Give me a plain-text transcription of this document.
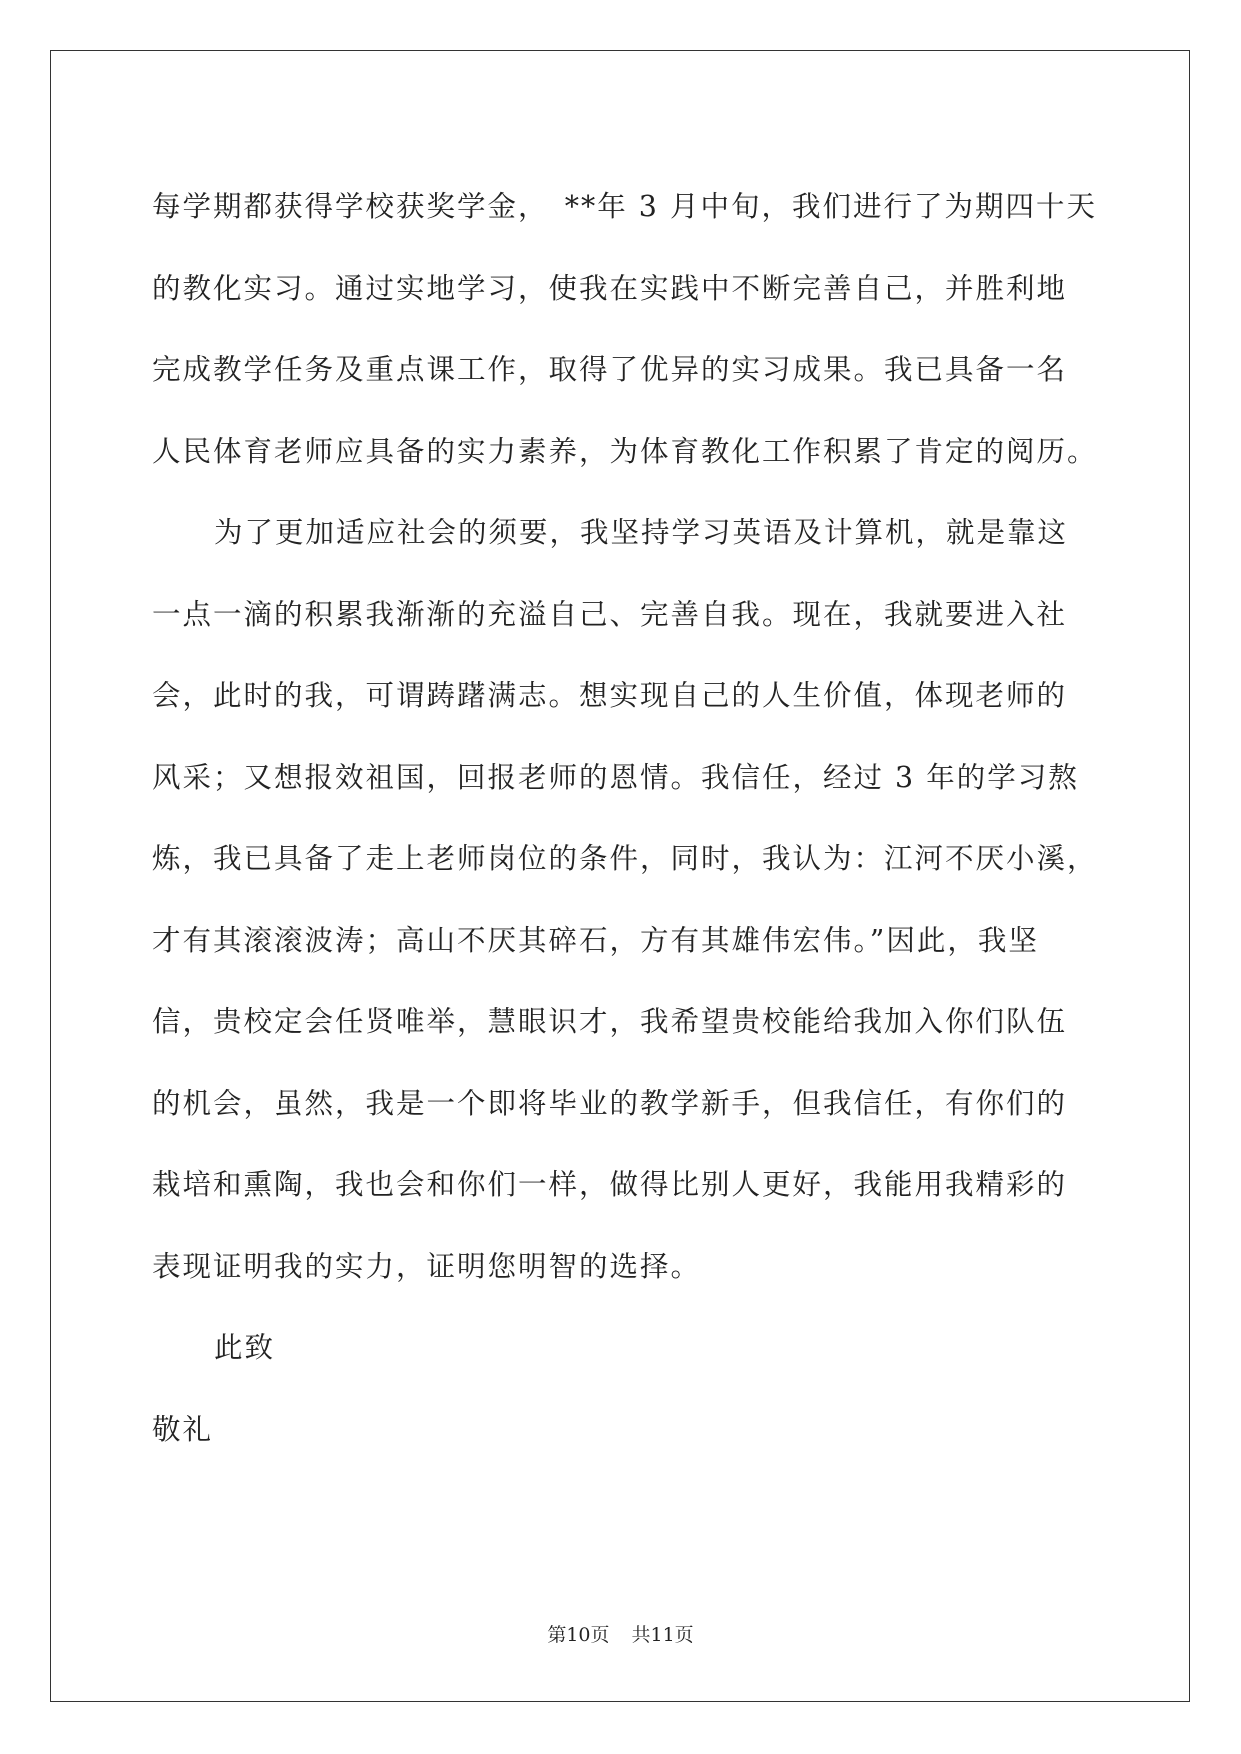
每学期都获得学校获奖学金，　**年 3 月中旬，我们进行了为期四十天
的教化实习。通过实地学习，使我在实践中不断完善自己，并胜利地
完成教学任务及重点课工作，取得了优异的实习成果。我已具备一名
人民体育老师应具备的实力素养，为体育教化工作积累了肯定的阅历。
为了更加适应社会的须要，我坚持学习英语及计算机，就是靠这
一点一滴的积累我渐渐的充溢自己、完善自我。现在，我就要进入社
会，此时的我，可谓踌躇满志。想实现自己的人生价值，体现老师的
风采；又想报效祖国，回报老师的恩情。我信任，经过 3 年的学习熬
炼，我已具备了走上老师岗位的条件，同时，我认为：江河不厌小溪，
才有其滚滚波涛；高山不厌其碎石，方有其雄伟宏伟。”因此，我坚
信，贵校定会任贤唯举，慧眼识才，我希望贵校能给我加入你们队伍
的机会，虽然，我是一个即将毕业的教学新手，但我信任，有你们的
栽培和熏陶，我也会和你们一样，做得比别人更好，我能用我精彩的
表现证明我的实力，证明您明智的选择。
此致
敬礼
第10页 共11页
